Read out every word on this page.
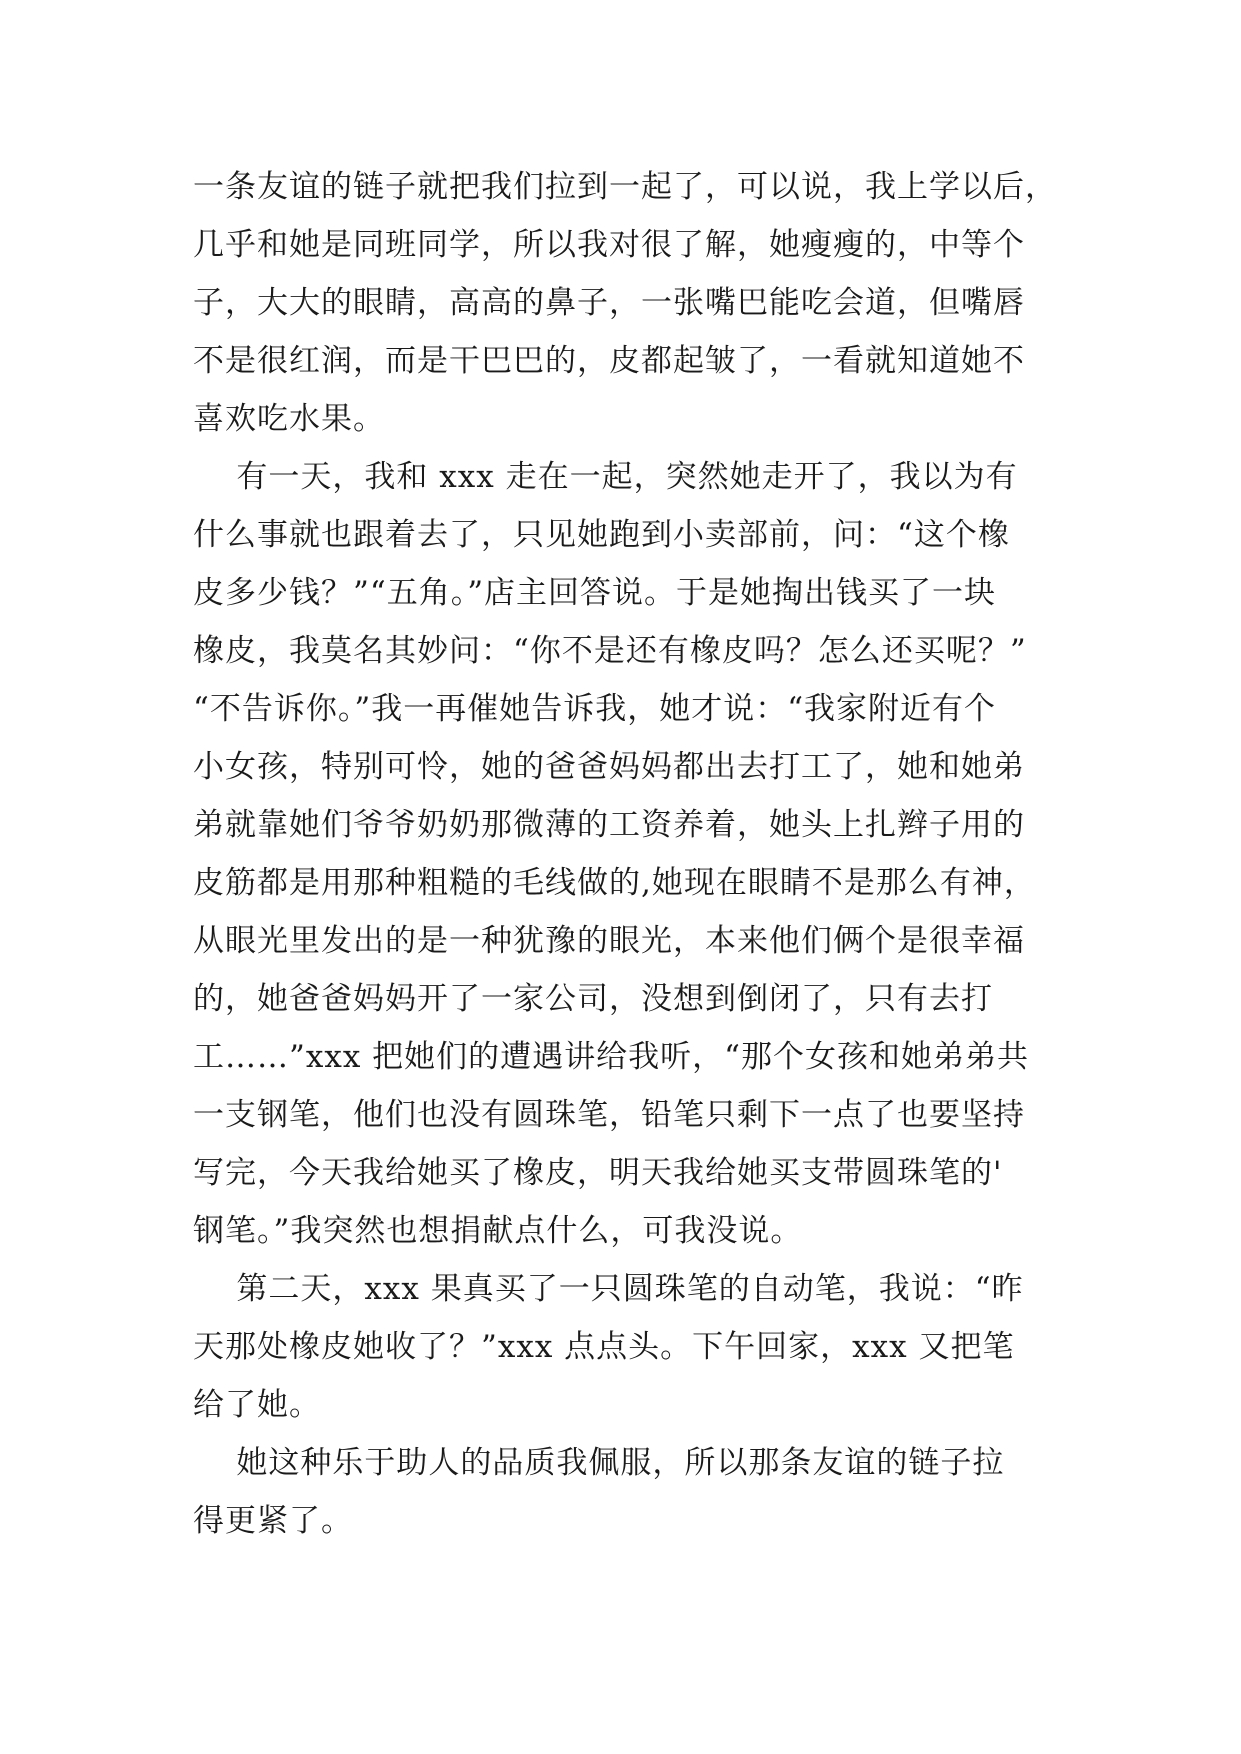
一条友谊的链子就把我们拉到一起了，可以说，我上学以后，
几乎和她是同班同学，所以我对很了解，她瘦瘦的，中等个
子，大大的眼睛，高高的鼻子，一张嘴巴能吃会道，但嘴唇
不是很红润，而是干巴巴的，皮都起皱了，一看就知道她不
喜欢吃水果。

有一天，我和 xxx 走在一起，突然她走开了，我以为有
什么事就也跟着去了，只见她跑到小卖部前，问：“这个橡
皮多少钱？”“五角。”店主回答说。于是她掏出钱买了一块
橡皮，我莫名其妙问：“你不是还有橡皮吗？怎么还买呢？”
“不告诉你。”我一再催她告诉我，她才说：“我家附近有个
小女孩，特别可怜，她的爸爸妈妈都出去打工了，她和她弟
弟就靠她们爷爷奶奶那微薄的工资养着，她头上扎辫子用的
皮筋都是用那种粗糙的毛线做的,她现在眼睛不是那么有神，
从眼光里发出的是一种犹豫的眼光，本来他们俩个是很幸福
的，她爸爸妈妈开了一家公司，没想到倒闭了，只有去打
工……”xxx 把她们的遭遇讲给我听，“那个女孩和她弟弟共
一支钢笔，他们也没有圆珠笔，铅笔只剩下一点了也要坚持
写完，今天我给她买了橡皮，明天我给她买支带圆珠笔的'
钢笔。”我突然也想捐献点什么，可我没说。

第二天，xxx 果真买了一只圆珠笔的自动笔，我说：“昨
天那处橡皮她收了？”xxx 点点头。下午回家，xxx 又把笔
给了她。

她这种乐于助人的品质我佩服，所以那条友谊的链子拉
得更紧了。
